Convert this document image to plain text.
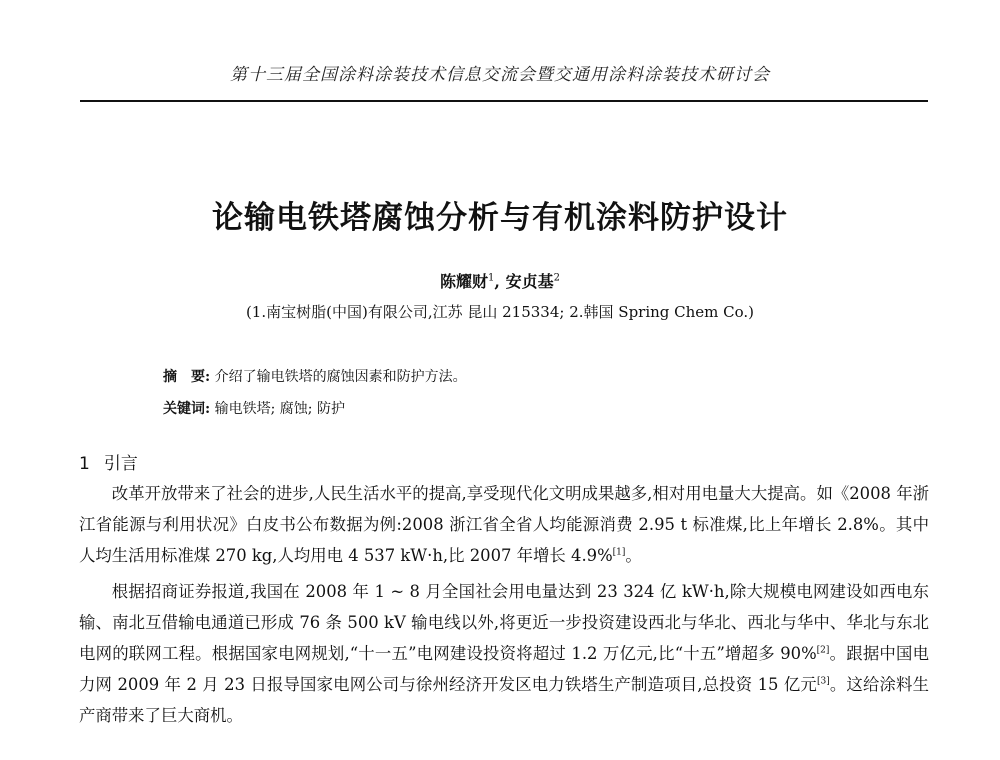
第十三届全国涂料涂装技术信息交流会暨交通用涂料涂装技术研讨会
论输电铁塔腐蚀分析与有机涂料防护设计
陈耀财$^1$, 安贞基$^2$
(1.南宝树脂(中国)有限公司,江苏 昆山 215334; 2.韩国 Spring Chem Co.)
摘　要: 介绍了输电铁塔的腐蚀因素和防护方法。
关键词: 输电铁塔; 腐蚀; 防护
1 引言

改革开放带来了社会的进步,人民生活水平的提高,享受现代化文明成果越多,相对用电量大大提高。如《2008 年浙江省能源与利用状况》白皮书公布数据为例:2008 浙江省全省人均能源消费 2.95 t 标准煤,比上年增长 2.8%。其中人均生活用标准煤 270 kg,人均用电 4 537 kW·h,比 2007 年增长 4.9%[1]。

根据招商证券报道,我国在 2008 年 1 ~ 8 月全国社会用电量达到 23 324 亿 kW·h,除大规模电网建设如西电东输、南北互借输电通道已形成 76 条 500 kV 输电线以外,将更近一步投资建设西北与华北、西北与华中、华北与东北电网的联网工程。根据国家电网规划,“十一五”电网建设投资将超过 1.2 万亿元,比“十五”增超多 90%[2]。跟据中国电力网 2009 年 2 月 23 日报导国家电网公司与徐州经济开发区电力铁塔生产制造项目,总投资 15 亿元[3]。这给涂料生产商带来了巨大商机。
